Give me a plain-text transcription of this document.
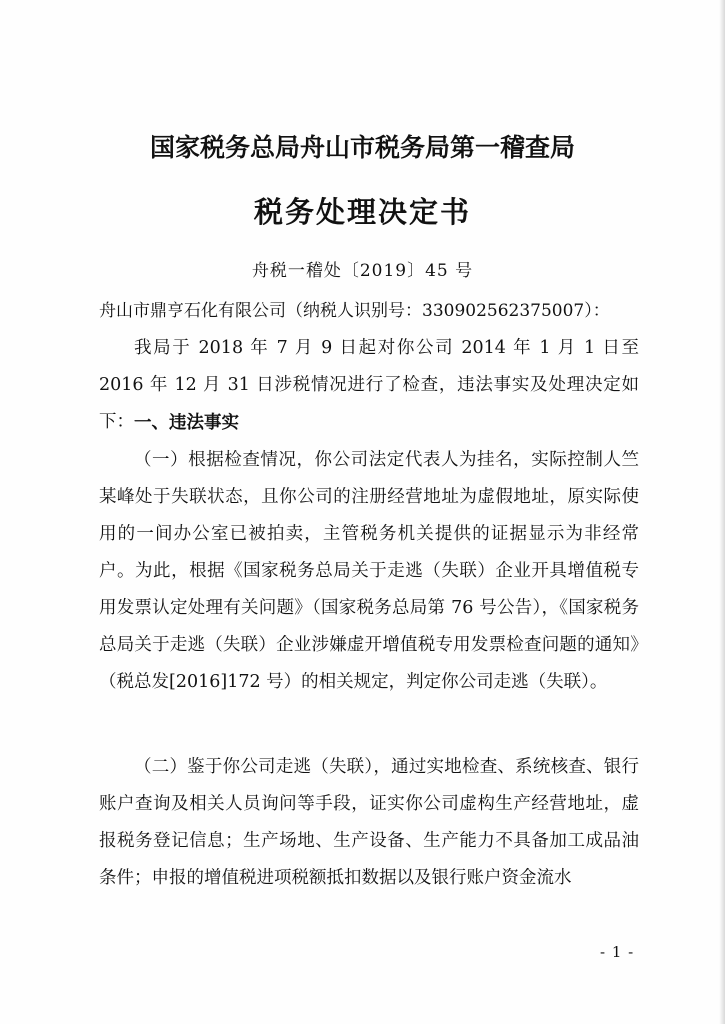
国家税务总局舟山市税务局第一稽查局
税务处理决定书
舟税一稽处〔2019〕45 号
舟山市鼎亨石化有限公司（纳税人识别号：330902562375007）：
我局于 2018 年 7 月 9 日起对你公司 2014 年 1 月 1 日至 2016 年 12 月 31 日涉税情况进行了检查，违法事实及处理决定如下： 一、违法事实
（一）根据检查情况，你公司法定代表人为挂名，实际控制人竺某峰处于失联状态，且你公司的注册经营地址为虚假地址，原实际使用的一间办公室已被拍卖，主管税务机关提供的证据显示为非经常户。为此，根据《国家税务总局关于走逃（失联）企业开具增值税专用发票认定处理有关问题》（国家税务总局第 76 号公告），《国家税务总局关于走逃（失联）企业涉嫌虚开增值税专用发票检查问题的通知》（税总发[2016]172 号）的相关规定，判定你公司走逃（失联）。
（二）鉴于你公司走逃（失联），通过实地检查、系统核查、银行账户查询及相关人员询问等手段，证实你公司虚构生产经营地址，虚报税务登记信息；生产场地、生产设备、生产能力不具备加工成品油条件；申报的增值税进项税额抵扣数据以及银行账户资金流水
- 1 -
